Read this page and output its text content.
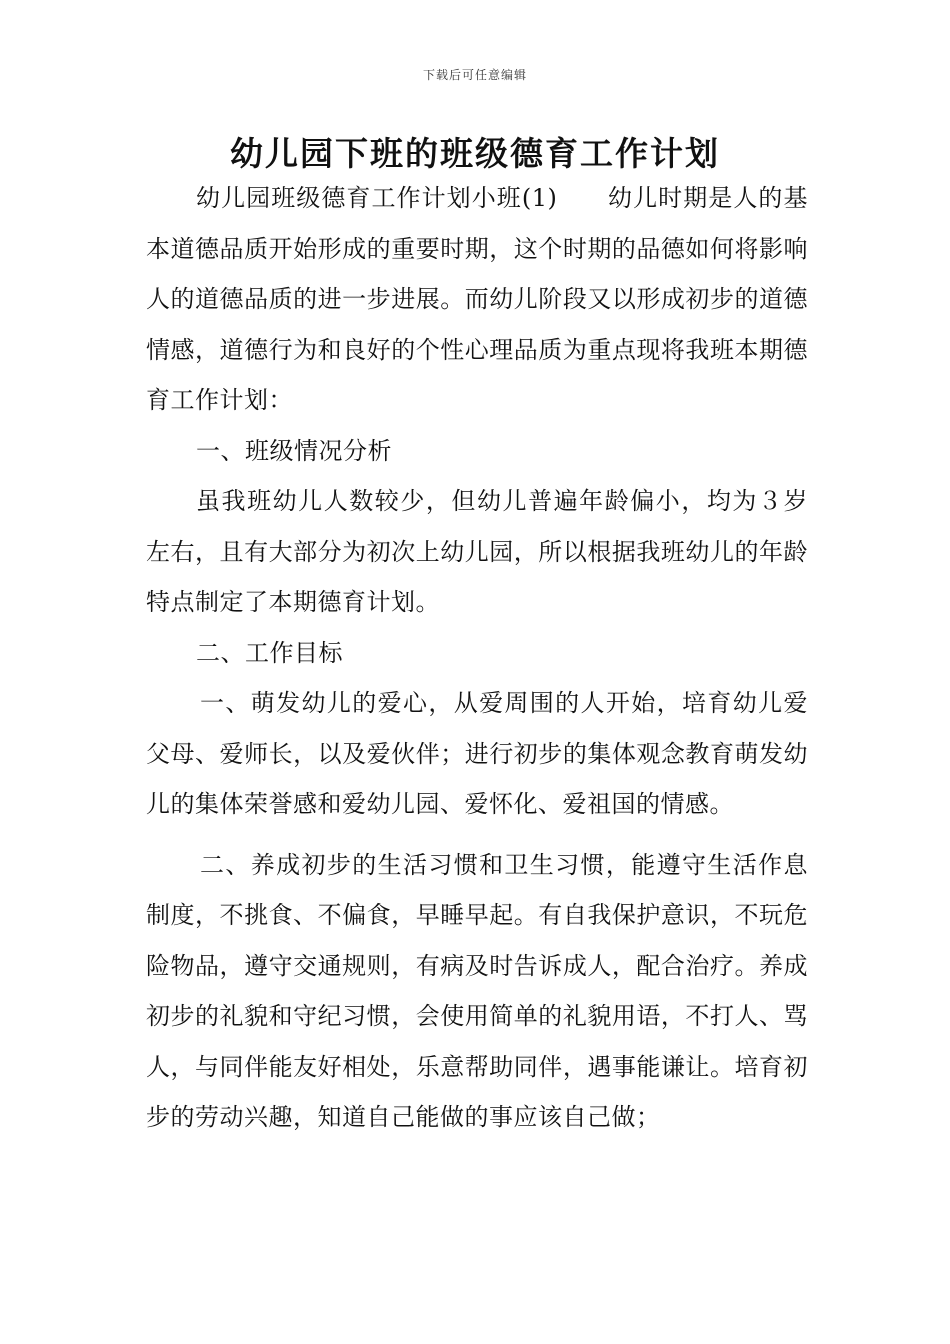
下载后可任意编辑
幼儿园下班的班级德育工作计划

幼儿园班级德育工作计划小班(1)　　幼儿时期是人的基本道德品质开始形成的重要时期，这个时期的品德如何将影响人的道德品质的进一步进展。而幼儿阶段又以形成初步的道德情感，道德行为和良好的个性心理品质为重点现将我班本期德育工作计划：

一、班级情况分析

虽我班幼儿人数较少，但幼儿普遍年龄偏小，均为３岁左右，且有大部分为初次上幼儿园，所以根据我班幼儿的年龄特点制定了本期德育计划。

二、工作目标

一、萌发幼儿的爱心，从爱周围的人开始，培育幼儿爱父母、爱师长，以及爱伙伴；进行初步的集体观念教育萌发幼儿的集体荣誉感和爱幼儿园、爱怀化、爱祖国的情感。

二、养成初步的生活习惯和卫生习惯，能遵守生活作息制度，不挑食、不偏食，早睡早起。有自我保护意识，不玩危险物品，遵守交通规则，有病及时告诉成人，配合治疗。养成初步的礼貌和守纪习惯，会使用简单的礼貌用语，不打人、骂人，与同伴能友好相处，乐意帮助同伴，遇事能谦让。培育初步的劳动兴趣，知道自己能做的事应该自己做；
